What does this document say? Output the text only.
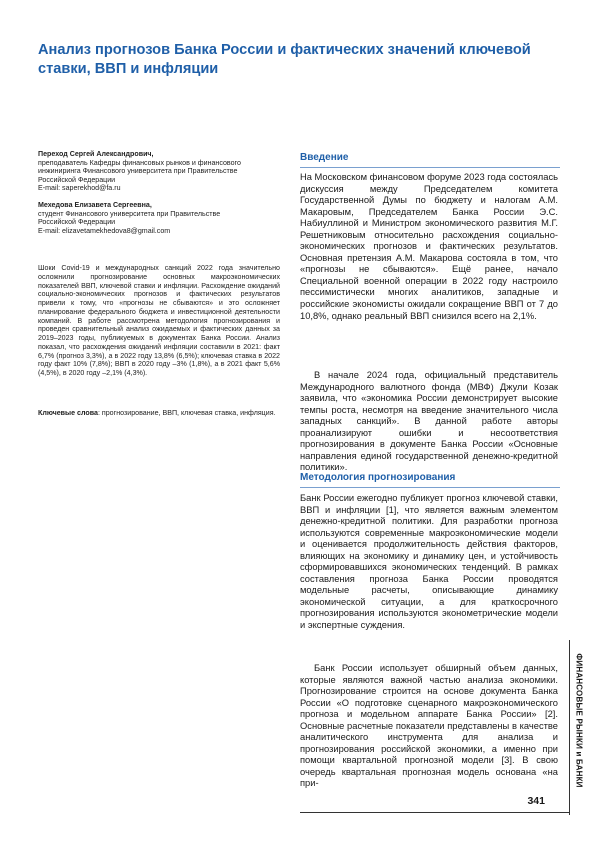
Анализ прогнозов Банка России и фактических значений ключевой ставки, ВВП и инфляции

Переход Сергей Александрович,

преподаватель Кафедры финансовых рынков и финансового

инжиниринга Финансового университета при Правительстве

Российской Федерации

E-mail: saperekhod@fa.ru

Мехедова Елизавета Сергеевна,

студент Финансового университета при Правительстве

Российской Федерации

E-mail: elizavetamekhedova8@gmail.com

Шоки Covid-19 и международных санкций 2022 года значительно осложнили прогнозирование основных макроэкономических показателей ВВП, ключевой ставки и инфляции. Расхождение ожиданий социально-экономических прогнозов и фактических результатов привели к тому, что «прогнозы не сбываются» и это осложняет планирование федерального бюджета и инвестиционной деятельности компаний. В работе рассмотрена методология прогнозирования и проведен сравнительный анализ ожидаемых и фактических данных за 2019–2023 годы, публикуемых в документах Банка России. Анализ показал, что расхождения ожиданий инфляции составили в 2021: факт 6,7% (прогноз 3,3%), а в 2022 году 13,8% (6,5%); ключевая ставка в 2022 году факт 10% (7,8%); ВВП в 2020 году –3% (1,8%), а в 2021 факт 5,6% (4,5%), в 2020 году –2,1% (4,3%).

Ключевые слова: прогнозирование, ВВП, ключевая ставка, инфляция.

Введение

На Московском финансовом форуме 2023 года состоялась дискуссия между Председателем комитета Государственной Думы по бюджету и налогам А.М. Макаровым, Председателем Банка России Э.С. Набиуллиной и Министром экономического развития М.Г. Решетниковым относительно расхождения социально-экономических прогнозов и фактических результатов. Основная претензия А.М. Макарова состояла в том, что «прогнозы не сбываются». Ещё ранее, начало Специальной военной операции в 2022 году настроило пессимистически многих аналитиков, западные и российские экономисты ожидали сокращение ВВП от 7 до 10,8%, однако реальный ВВП снизился всего на 2,1%.

В начале 2024 года, официальный представитель Международного валютного фонда (МВФ) Джули Козак заявила, что «экономика России демонстрирует высокие темпы роста, несмотря на введение значительного числа западных санкций». В данной работе авторы проанализируют ошибки и несоответствия прогнозирования в документе Банка России «Основные направления единой государственной денежно-кредитной политики».

Методология прогнозирования

Банк России ежегодно публикует прогноз ключевой ставки, ВВП и инфляции [1], что является важным элементом денежно-кредитной политики. Для разработки прогноза используются современные макроэкономические модели и оценивается продолжительность действия факторов, влияющих на экономику и динамику цен, и устойчивость сформировавшихся экономических тенденций. В рамках составления прогноза Банка России проводятся модельные расчеты, описывающие динамику экономической ситуации, а для краткосрочного прогнозирования используются эконометрические модели и экспертные суждения.

Банк России использует обширный объем данных, которые являются важной частью анализа экономики. Прогнозирование строится на основе документа Банка России «О подготовке сценарного макроэкономического прогноза и модельном аппарате Банка России» [2]. Основные расчетные показатели представлены в качестве аналитического инструмента для анализа и прогнозирования российской экономики, а именно при помощи квартальной прогнозной модели [3]. В свою очередь квартальная прогнозная модель основана «на при-	ФИНАНСОВЫЕ РЫНКИ и БАНКИ

341
